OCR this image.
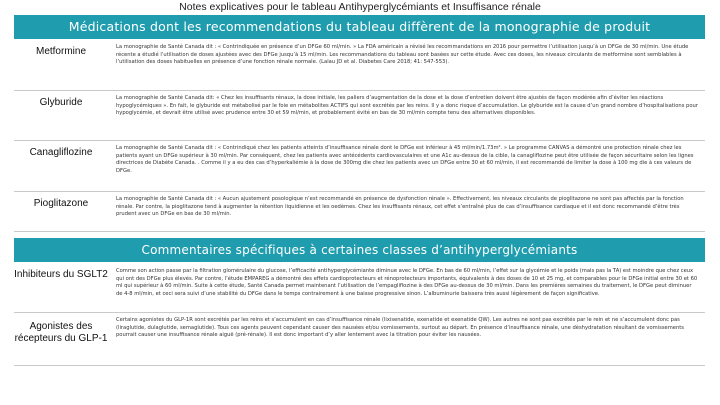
Notes explicatives pour le tableau Antihyperglycémiants et Insuffisance rénale
Médications dont les recommendations du tableau diffèrent de la monographie de produit
Metformine	La monographie de Santé Canada dit : « Contrindiquée en présence d’un DFGe 60 ml/min. » La FDA américain a révisé les recommandations en 2016 pour permettre l’utilisation jusqu’à un DFGe de 30 ml/min. Une étude récente a étudié l’utilisation de doses ajustées avec des DFGe jusqu’à 15 ml/min. Les recommandations du tableau sont basées sur cette étude. Avec ces doses, les niveaux circulants de metformine sont semblables à l’utilisation des doses habituelles en présence d’une fonction rénale normale. (Lalau JD et al. Diabetes Care 2018; 41: 547-553).
Glyburide	La monographie de Santé Canada dit: « Chez les insuffisants rénaux, la dose initiale, les paliers d’augmentation de la dose et la dose d’entretien doivent être ajustés de façon modérée afin d’éviter les réactions hypoglycémiques ». En fait, le glyburide est métabolisé par le foie en métabolites ACTIFS qui sont excrétés par les reins. Il y a donc risque d’accumulation. Le glyburide est la cause d’un grand nombre d’hospitalisations pour hypoglycémie, et devrait être utilisé avec prudence entre 30 et 59 ml/min, et probablement évité en bas de 30 ml/min compte tenu des alternatives disponibles.
Canagliflozine	La monographie de Santé Canada dit : « Contrindiqué chez les patients atteints d’insuffisance rénale dont le DFGe est inférieur à 45 ml/min/1.73m². » Le programme CANVAS a démontré une protection rénale chez les patients ayant un DFGe supérieur à 30 ml/min. Par conséquent, chez les patients avec antécédents cardiovasculaires et une A1c au-dessus de la cible, la canagliflozine peut être utilisée de façon sécuritaire selon les lignes directrices de Diabète Canada. . Comme il y a eu des cas d’hyperkaliémie à la dose de 300mg die chez les patients avec un DFGe entre 30 et 60 ml/min, il est recommandé de limiter la dose à 100 mg die à ces valeurs de DFGe.
Pioglitazone	La monographie de Santé Canada dit : « Aucun ajustement posologique n’est recommandé en présence de dysfonction rénale ». Effectivement, les niveaux circulants de pioglitazone ne sont pas affectés par la fonction rénale. Par contre, la pioglitazone tend à augmenter la rétention liquidienne et les oedèmes. Chez les insuffisants rénaux, cet effet s’entraîné plus de cas d’insuffisance cardiaque et il est donc recommandé d’être très prudent avec un DFGe en bas de 30 ml/min.
Commentaires spécifiques à certaines classes d’antihyperglycémiants
Inhibiteurs du SGLT2	Comme son action passe par la filtration glomérulaire du glucose, l’efficacité antihyperglycémiante diminue avec le DFGe. En bas de 60 ml/min, l’effet sur la glycémie et le poids (mais pas la TA) est moindre que chez ceux qui ont des DFGe plus élevés. Par contre, l’étude EMPAREG a démontré des effets cardioprotecteurs et rénoprotecteurs importants, équivalents à des doses de 10 et 25 mg, et comparables pour le DFGe initial entre 30 et 60 ml qui supérieur à 60 ml/min. Suite à cette étude, Santé Canada permet maintenant l’utilisation de l’empagliflozine à des DFGe au-dessus de 30 ml/min. Dans les premières semaines du traitement, le DFGe peut diminuer de 4-8 ml/min, et ceci sera suivi d’une stabilité du DFGe dans le temps contrairement à une baisse progressive sinon. L’albuminurie baissera très aussi légèrement de façon significative.
Agonistes des récepteurs du GLP-1	Certains agonistes du GLP-1R sont excrétés par les reins et s’accumulent en cas d’insuffisance rénale (lixisenatide, exenatide et exenatide QW). Les autres ne sont pas excrétés par le rein et ne s’accumulent donc pas (liraglutide, dulaglutide, semaglutide). Tous ces agents peuvent cependant causer des nausées et/ou vomissements, surtout au départ. En présence d’insuffisance rénale, une déshydratation résultant de vomissements pourrait causer une insuffisance rénale aiguë (pré-rénale). Il est donc important d’y aller lentement avec la titration pour éviter les nausées.
